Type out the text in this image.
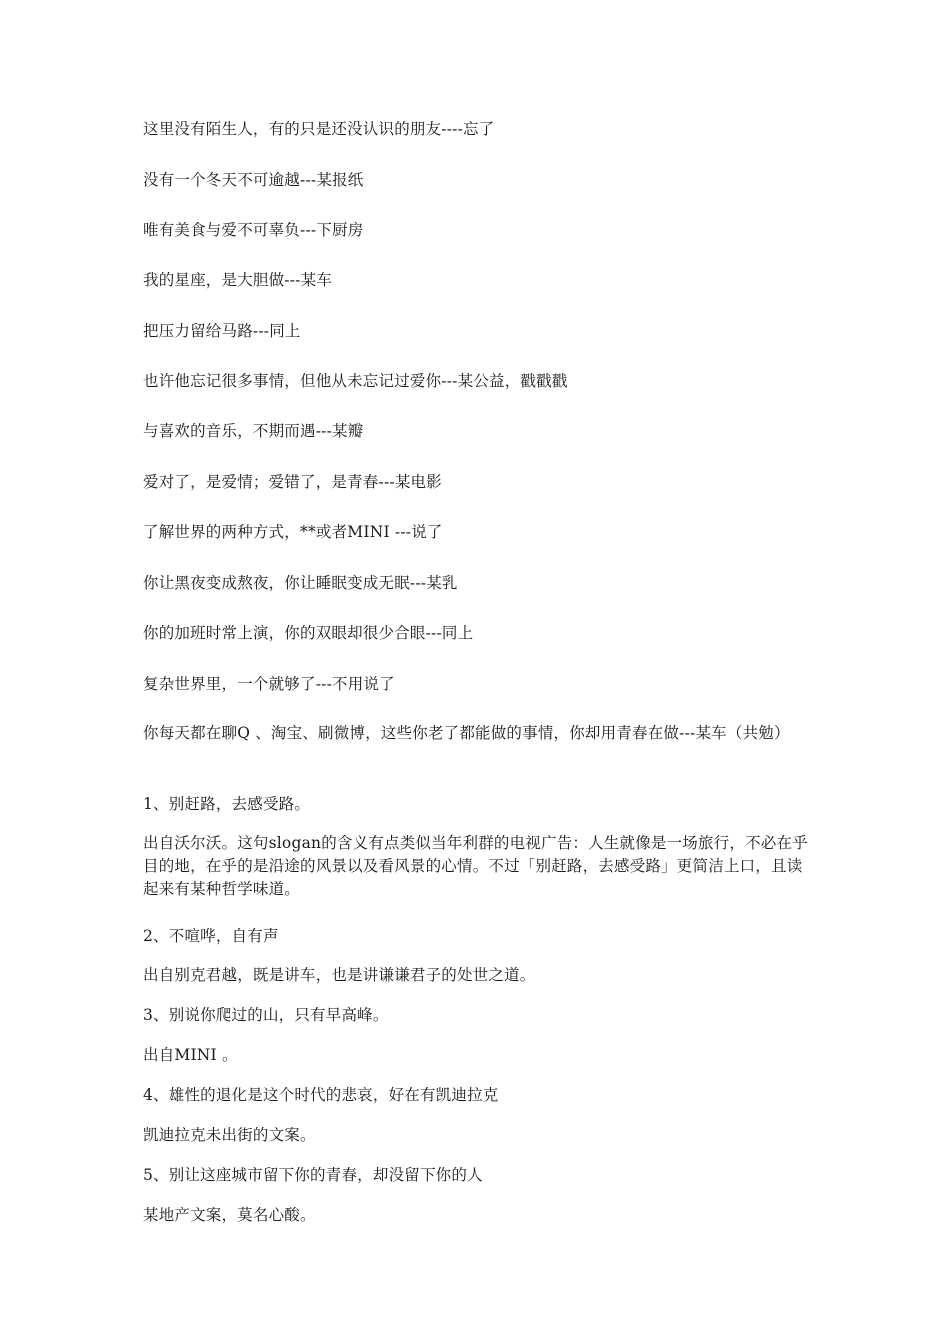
这里没有陌生人，有的只是还没认识的朋友----忘了
没有一个冬天不可逾越---某报纸
唯有美食与爱不可辜负---下厨房
我的星座，是大胆做---某车
把压力留给马路---同上
也许他忘记很多事情，但他从未忘记过爱你---某公益，戳戳戳
与喜欢的音乐，不期而遇---某瓣
爱对了，是爱情；爱错了，是青春---某电影
了解世界的两种方式，**或者MINI ---说了
你让黑夜变成熬夜，你让睡眠变成无眠---某乳
你的加班时常上演，你的双眼却很少合眼---同上
复杂世界里，一个就够了---不用说了
你每天都在聊Q 、淘宝、刷微博，这些你老了都能做的事情，你却用青春在做---某车（共勉）
1、别赶路，去感受路。
出自沃尔沃。这句slogan的含义有点类似当年利群的电视广告：人生就像是一场旅行，不必在乎目的地，在乎的是沿途的风景以及看风景的心情。不过「别赶路，去感受路」更简洁上口，且读起来有某种哲学味道。
2、不喧哗，自有声
出自别克君越，既是讲车，也是讲谦谦君子的处世之道。
3、别说你爬过的山，只有早高峰。
出自MINI 。
4、雄性的退化是这个时代的悲哀，好在有凯迪拉克
凯迪拉克未出街的文案。
5、别让这座城市留下你的青春，却没留下你的人
某地产文案，莫名心酸。
